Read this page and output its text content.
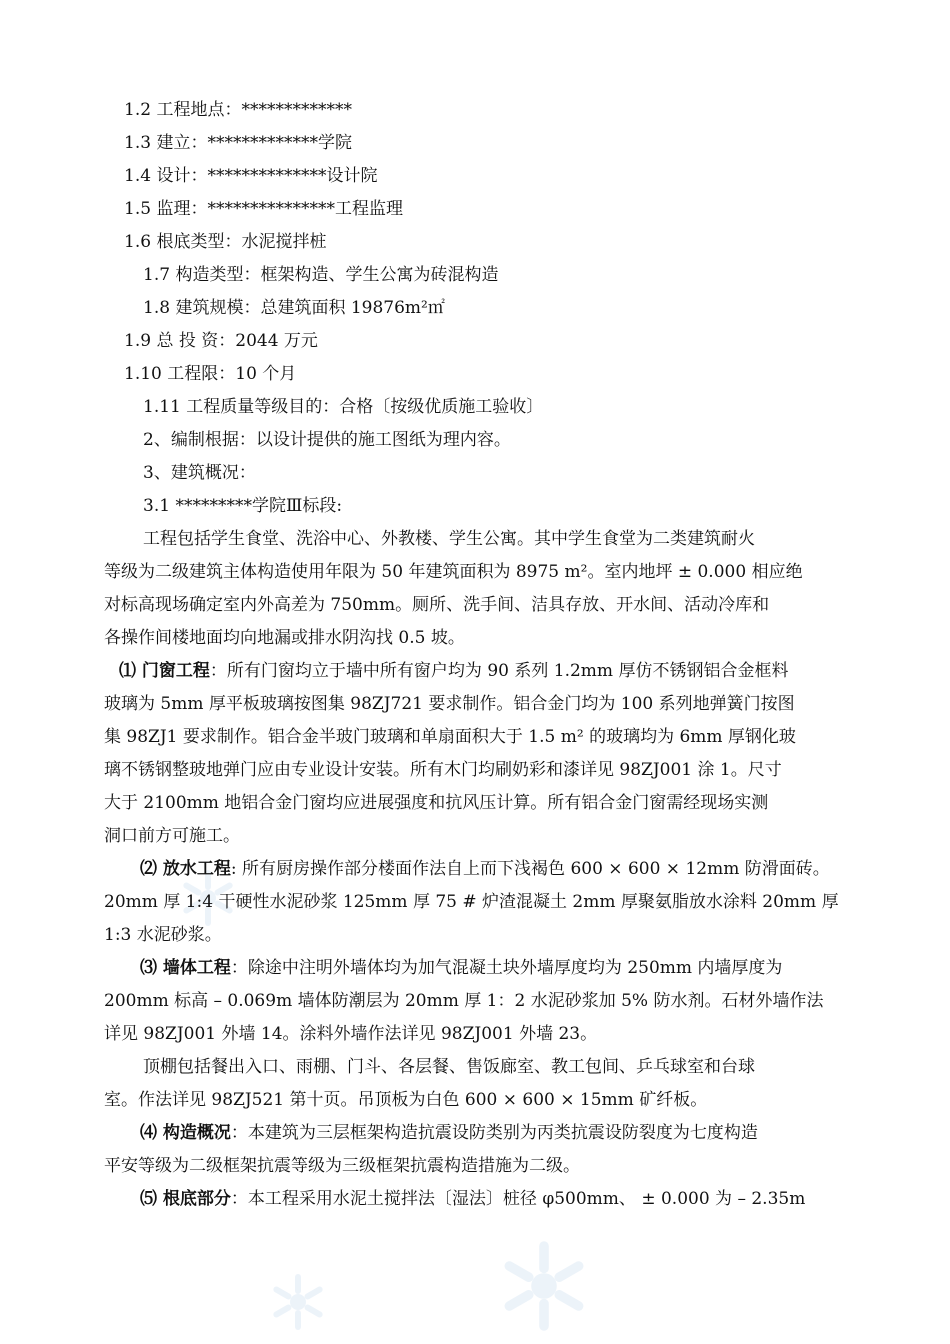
1.2 工程地点：*************
1.3 建立：*************学院
1.4 设计：**************设计院
1.5 监理：***************工程监理
1.6 根底类型：水泥搅拌桩
1.7 构造类型：框架构造、学生公寓为砖混构造
1.8 建筑规模：总建筑面积 19876m²㎡
1.9 总 投 资：2044 万元
1.10 工程限：10 个月
1.11 工程质量等级目的：合格〔按级优质施工验收〕
2、编制根据：以设计提供的施工图纸为理内容。
3、建筑概况：
3.1 *********学院Ⅲ标段:
工程包括学生食堂、洗浴中心、外教楼、学生公寓。其中学生食堂为二类建筑耐火
等级为二级建筑主体构造使用年限为 50 年建筑面积为 8975 m²。室内地坪 ± 0.000 相应绝
对标高现场确定室内外高差为 750mm。厕所、洗手间、洁具存放、开水间、活动冷库和
各操作间楼地面均向地漏或排水阴沟找 0.5 坡。
⑴ 门窗工程：所有门窗均立于墙中所有窗户均为 90 系列 1.2mm 厚仿不锈钢铝合金框料
玻璃为 5mm 厚平板玻璃按图集 98ZJ721 要求制作。铝合金门均为 100 系列地弹簧门按图
集 98ZJ1 要求制作。铝合金半玻门玻璃和单扇面积大于 1.5 m² 的玻璃均为 6mm 厚钢化玻
璃不锈钢整玻地弹门应由专业设计安装。所有木门均刷奶彩和漆详见 98ZJ001 涂 1。尺寸
大于 2100mm 地铝合金门窗均应进展强度和抗风压计算。所有铝合金门窗需经现场实测
洞口前方可施工。
⑵ 放水工程: 所有厨房操作部分楼面作法自上而下浅褐色 600 × 600 × 12mm 防滑面砖。
20mm 厚 1:4 干硬性水泥砂浆 125mm 厚 75 # 炉渣混凝土 2mm 厚聚氨脂放水涂料 20mm 厚
1:3 水泥砂浆。
⑶ 墙体工程：除途中注明外墙体均为加气混凝土块外墙厚度均为 250mm 内墙厚度为
200mm 标高 – 0.069m 墙体防潮层为 20mm 厚 1：2 水泥砂浆加 5% 防水剂。石材外墙作法
详见 98ZJ001 外墙 14。涂料外墙作法详见 98ZJ001 外墙 23。
顶棚包括餐出入口、雨棚、门斗、各层餐、售饭廊室、教工包间、乒乓球室和台球
室。作法详见 98ZJ521 第十页。吊顶板为白色 600 × 600 × 15mm 矿纤板。
⑷ 构造概况：本建筑为三层框架构造抗震设防类别为丙类抗震设防裂度为七度构造
平安等级为二级框架抗震等级为三级框架抗震构造措施为二级。
⑸ 根底部分：本工程采用水泥土搅拌法〔湿法〕桩径 φ500mm、 ± 0.000 为 – 2.35m
